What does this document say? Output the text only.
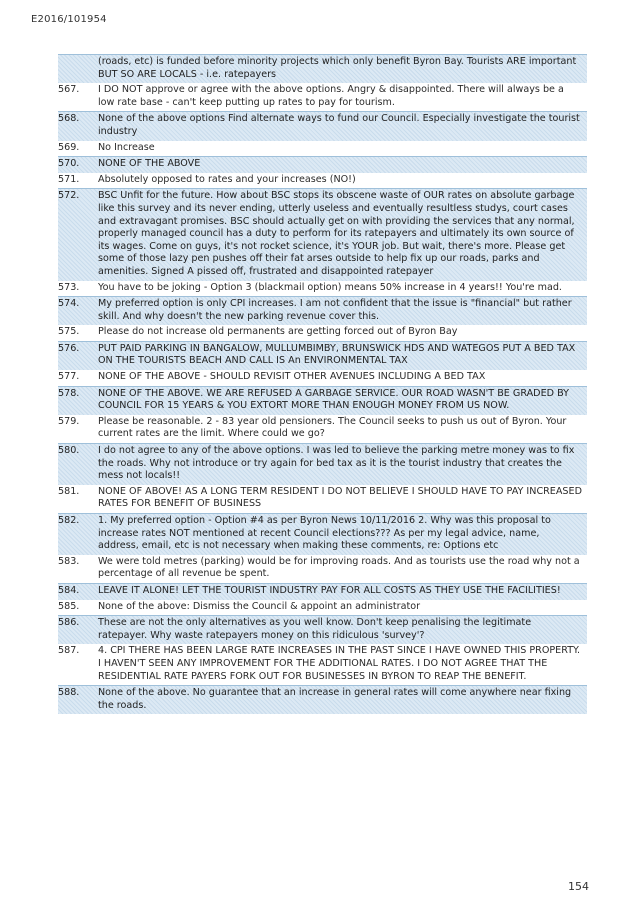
E2016/101954
(roads, etc) is funded before minority projects which only benefit Byron Bay. Tourists ARE important BUT SO ARE LOCALS - i.e. ratepayers
567.	I DO NOT approve or agree with the above options. Angry & disappointed. There will always be a low rate base - can't keep putting up rates to pay for tourism.
568.	None of the above options Find alternate ways to fund our Council. Especially investigate the tourist industry
569.	No Increase
570.	NONE OF THE ABOVE
571.	Absolutely opposed to rates and your increases (NO!)
572.	BSC Unfit for the future. How about BSC stops its obscene waste of OUR rates on absolute garbage like this survey and its never ending, utterly useless and eventually resultless studys, court cases and extravagant promises. BSC should actually get on with providing the services that any normal, properly managed council has a duty to perform for its ratepayers and ultimately its own source of its wages. Come on guys, it's not rocket science, it's YOUR job. But wait, there's more. Please get some of those lazy pen pushes off their fat arses outside to help fix up our roads, parks and amenities. Signed A pissed off, frustrated and disappointed ratepayer
573.	You have to be joking - Option 3 (blackmail option) means 50% increase in 4 years!! You're mad.
574.	My preferred option is only CPI increases. I am not confident that the issue is "financial" but rather skill. And why doesn't the new parking revenue cover this.
575.	Please do not increase old permanents are getting forced out of Byron Bay
576.	PUT PAID PARKING IN BANGALOW, MULLUMBIMBY, BRUNSWICK HDS AND WATEGOS PUT A BED TAX ON THE TOURISTS BEACH AND CALL IS An ENVIRONMENTAL TAX
577.	NONE OF THE ABOVE - SHOULD REVISIT OTHER AVENUES INCLUDING A BED TAX
578.	NONE OF THE ABOVE. WE ARE REFUSED A GARBAGE SERVICE. OUR ROAD WASN'T BE GRADED BY COUNCIL FOR 15 YEARS & YOU EXTORT MORE THAN ENOUGH MONEY FROM US NOW.
579.	Please be reasonable. 2 - 83 year old pensioners. The Council seeks to push us out of Byron. Your current rates are the limit. Where could we go?
580.	I do not agree to any of the above options. I was led to believe the parking metre money was to fix the roads. Why not introduce or try again for bed tax as it is the tourist industry that creates the mess not locals!!
581.	NONE OF ABOVE! AS A LONG TERM RESIDENT I DO NOT BELIEVE I SHOULD HAVE TO PAY INCREASED RATES FOR BENEFIT OF BUSINESS
582.	1. My preferred option - Option #4 as per Byron News 10/11/2016 2. Why was this proposal to increase rates NOT mentioned at recent Council elections??? As per my legal advice, name, address, email, etc is not necessary when making these comments, re: Options etc
583.	We were told metres (parking) would be for improving roads. And as tourists use the road why not a percentage of all revenue be spent.
584.	LEAVE IT ALONE! LET THE TOURIST INDUSTRY PAY FOR ALL COSTS AS THEY USE THE FACILITIES!
585.	None of the above: Dismiss the Council & appoint an administrator
586.	These are not the only alternatives as you well know. Don't keep penalising the legitimate ratepayer. Why waste ratepayers money on this ridiculous 'survey'?
587.	4. CPI THERE HAS BEEN LARGE RATE INCREASES IN THE PAST SINCE I HAVE OWNED THIS PROPERTY. I HAVEN'T SEEN ANY IMPROVEMENT FOR THE ADDITIONAL RATES. I DO NOT AGREE THAT THE RESIDENTIAL RATE PAYERS FORK OUT FOR BUSINESSES IN BYRON TO REAP THE BENEFIT.
588.	None of the above. No guarantee that an increase in general rates will come anywhere near fixing the roads.
154
